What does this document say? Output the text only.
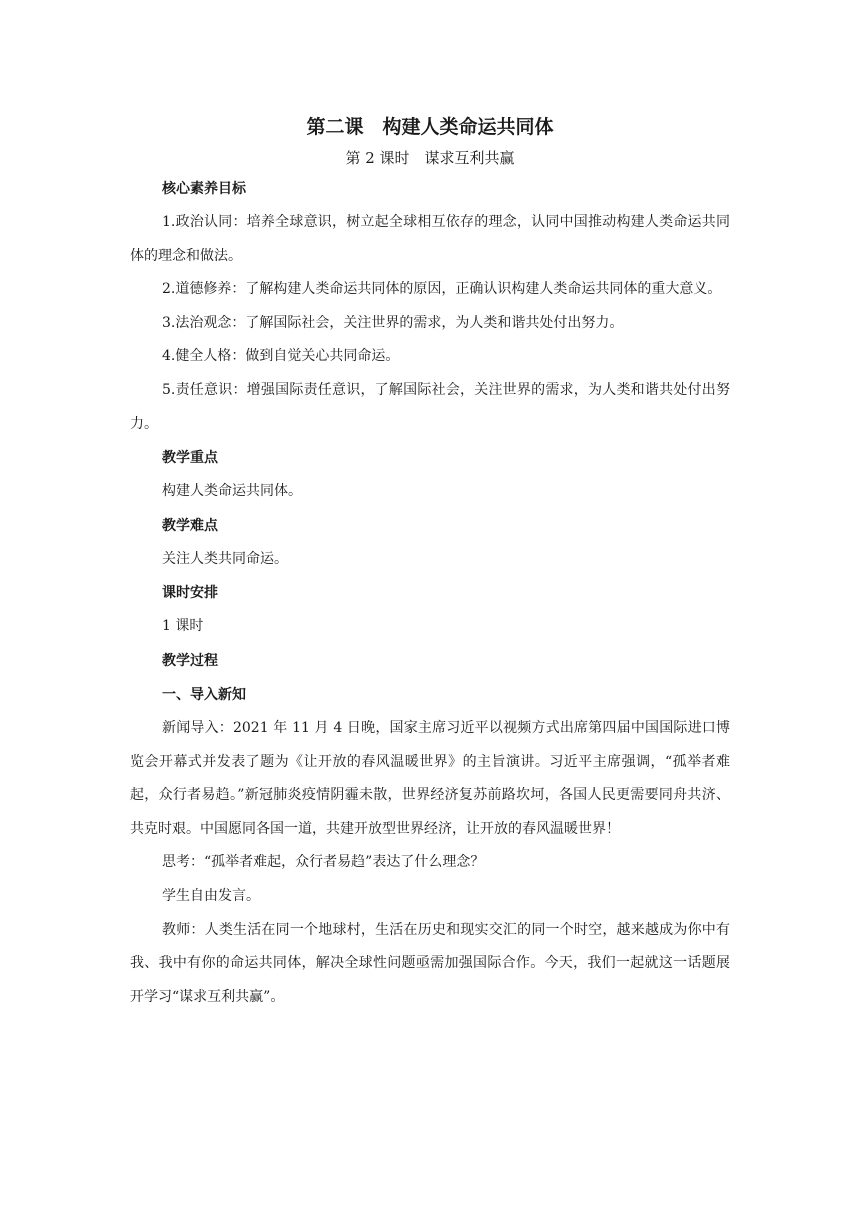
第二课　构建人类命运共同体

第 2 课时　谋求互利共赢

核心素养目标

1.政治认同：培养全球意识，树立起全球相互依存的理念，认同中国推动构建人类命运共同体的理念和做法。

2.道德修养：了解构建人类命运共同体的原因，正确认识构建人类命运共同体的重大意义。

3.法治观念：了解国际社会，关注世界的需求，为人类和谐共处付出努力。

4.健全人格：做到自觉关心共同命运。

5.责任意识：增强国际责任意识，了解国际社会，关注世界的需求，为人类和谐共处付出努力。

教学重点

构建人类命运共同体。

教学难点

关注人类共同命运。

课时安排

1 课时

教学过程

一、导入新知

新闻导入：2021 年 11 月 4 日晚，国家主席习近平以视频方式出席第四届中国国际进口博览会开幕式并发表了题为《让开放的春风温暖世界》的主旨演讲。习近平主席强调，“孤举者难起，众行者易趋。”新冠肺炎疫情阴霾未散，世界经济复苏前路坎坷，各国人民更需要同舟共济、共克时艰。中国愿同各国一道，共建开放型世界经济，让开放的春风温暖世界！

思考：“孤举者难起，众行者易趋”表达了什么理念？

学生自由发言。

教师：人类生活在同一个地球村，生活在历史和现实交汇的同一个时空，越来越成为你中有我、我中有你的命运共同体，解决全球性问题亟需加强国际合作。今天，我们一起就这一话题展开学习“谋求互利共赢”。
